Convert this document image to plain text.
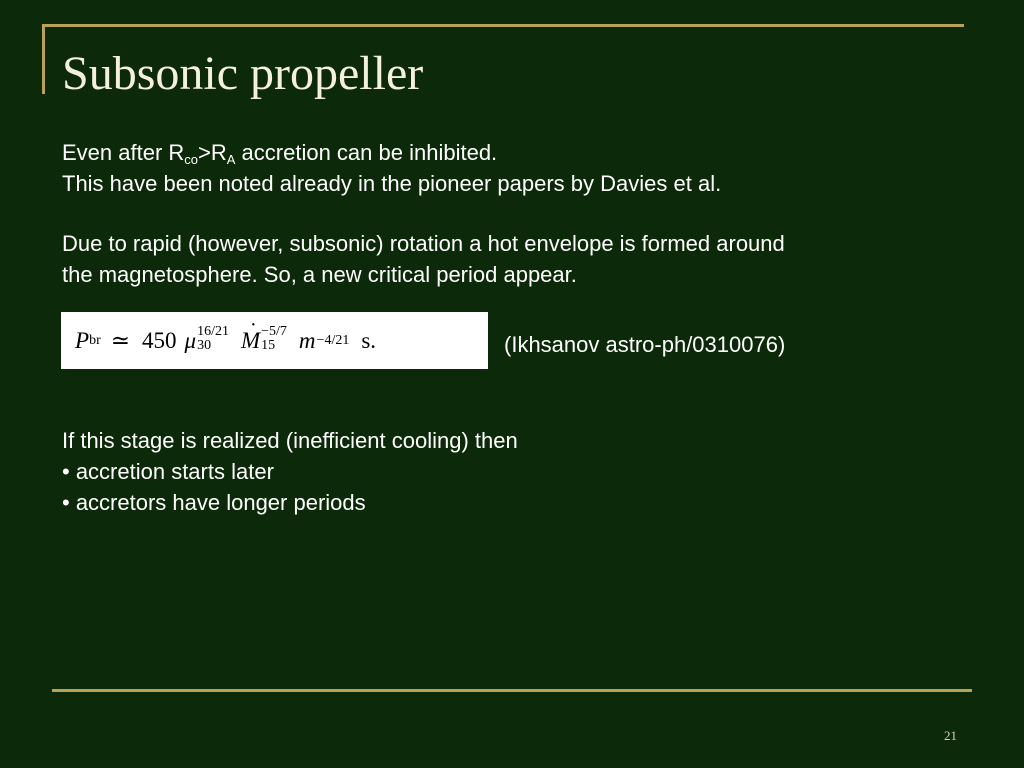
Subsonic propeller
Even after $R_{co}>R_A$ accretion can be inhibited.
This have been noted already in the pioneer papers by Davies et al.
Due to rapid (however, subsonic) rotation a hot envelope is formed around
the magnetosphere. So, a new critical period appear.
P br ≃ 450 μ 16/21
30
·	M −5/7
15	m −4/21 s.	(Ikhsanov astro-ph/0310076)
If this stage is realized (inefficient cooling) then
• accretion starts later
• accretors have longer periods
21
